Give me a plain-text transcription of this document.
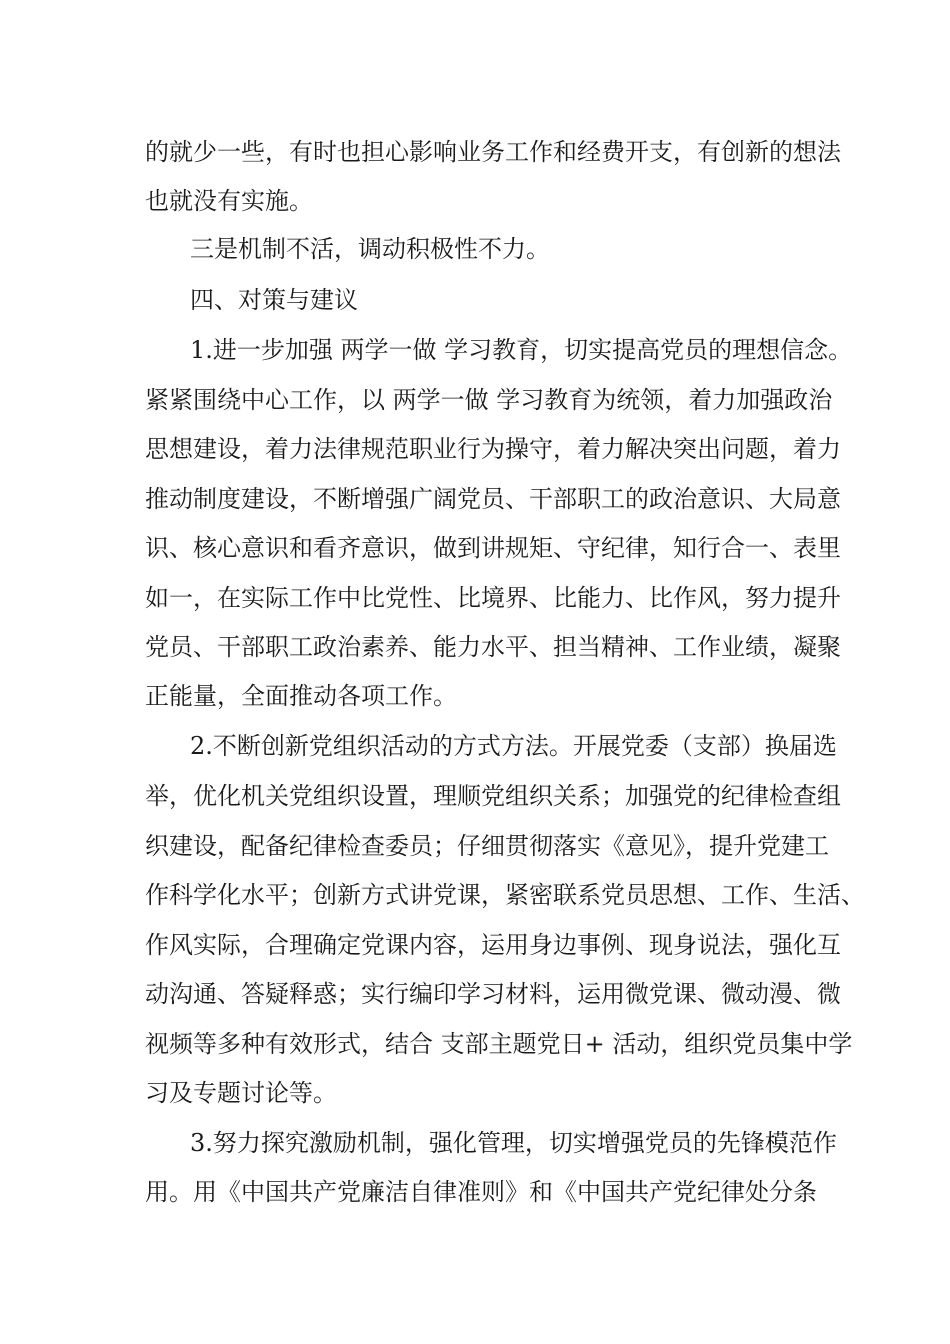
的就少一些，有时也担心影响业务工作和经费开支，有创新的想法

也就没有实施。

三是机制不活，调动积极性不力。

四、对策与建议

1.进一步加强 两学一做 学习教育，切实提高党员的理想信念。

紧紧围绕中心工作，以 两学一做 学习教育为统领，着力加强政治

思想建设，着力法律规范职业行为操守，着力解决突出问题，着力

推动制度建设，不断增强广阔党员、干部职工的政治意识、大局意

识、核心意识和看齐意识，做到讲规矩、守纪律，知行合一、表里

如一，在实际工作中比党性、比境界、比能力、比作风，努力提升

党员、干部职工政治素养、能力水平、担当精神、工作业绩，凝聚

正能量，全面推动各项工作。

2.不断创新党组织活动的方式方法。开展党委（支部）换届选

举，优化机关党组织设置，理顺党组织关系；加强党的纪律检查组

织建设，配备纪律检查委员；仔细贯彻落实《意见》，提升党建工

作科学化水平；创新方式讲党课，紧密联系党员思想、工作、生活、

作风实际，合理确定党课内容，运用身边事例、现身说法，强化互

动沟通、答疑释惑；实行编印学习材料，运用微党课、微动漫、微

视频等多种有效形式，结合 支部主题党日+ 活动，组织党员集中学

习及专题讨论等。

3.努力探究激励机制，强化管理，切实增强党员的先锋模范作

用。用《中国共产党廉洁自律准则》和《中国共产党纪律处分条
